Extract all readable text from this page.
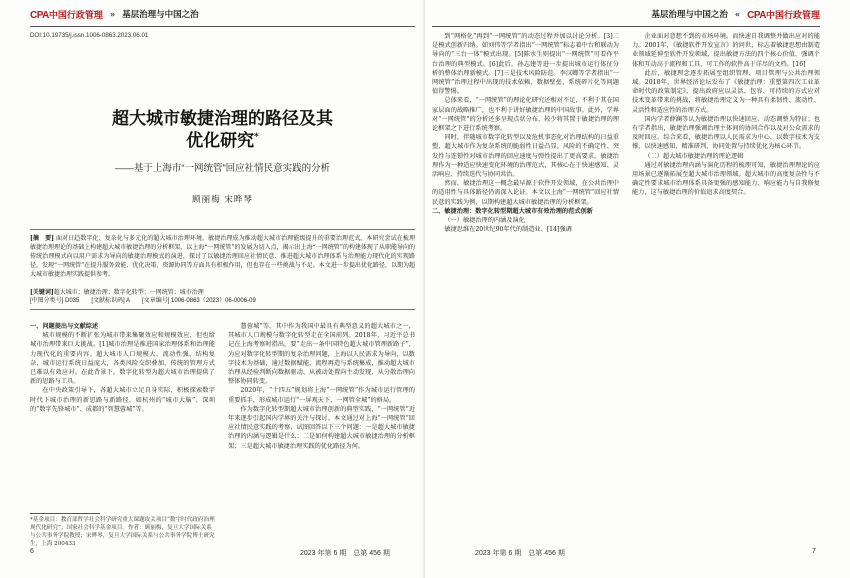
CPA中国行政管理 » 基层治理与中国之治
DOI:10.19735/j.issn.1006-0863.2023.06.01
超大城市敏捷治理的路径及其
优化研究*
——基于上海市“一网统管”回应社情民意实践的分析
顾丽梅 宋晔琴
[摘　要] 面对日趋数字化、复杂化与多元化的超大城市治理环境，敏捷治理成为推动超大城市治理能级提升的重要治理范式。本研究尝试在梳理敏捷治理理论的基础上构建超大城市敏捷治理的分析框架，以上海“一网统管”的发展为切入点，揭示出上海“一网统管”的构建体现了从职能导向的传统治理模式向以用户需求为导向的敏捷治理模式的演进，探讨了以敏捷治理回应社情民意、推进超大城市治理体系与治理能力现代化的实现路径，发现“一网统管”在提升服务效能、优化决策、资源协同等方面具有积极作用，但也存在一些挑战与不足。本文进一步提出优化路径，以期为超大城市敏捷治理实践提供参考。
[关键词]超大城市；敏捷治理；数字化转型；一网统管；城市治理
[中图分类号] D035 [文献标识码] A [文章编号] 1006-0863（2023）06-0006-09

一、问题提出与文献综述

城市规模的不断扩张为城市带来集聚效应和规模效应，但也给城市治理带来巨大挑战。[1]城市治理是推进国家治理体系和治理能力现代化的重要内容。超大城市人口规模大、流动性强、结构复杂，城市运行系统日益庞大，各类风险交织叠加，传统的管理方式已难以有效应对。在此背景下，数字化转型为超大城市治理提供了新的思路与工具。

在中央政策引导下，各超大城市立足自身实际，积极探索数字时代下城市治理的新思路与新路径，如杭州的“城市大脑”、深圳的“数字先锋城市”、成都的“智慧蓉城”等。

*基金项目：教育部哲学社会科学研究重大课题攻关项目“数字时代政府治理现代化研究”；国家社会科学基金项目。作者：顾丽梅，复旦大学国际关系与公共事务学院教授；宋晔琴，复旦大学国际关系与公共事务学院博士研究生，上海 200433

慧蓉城”等。其中作为我国中最具有典型意义的超大城市之一，其城市人口规模与数字化转型走在全国前列。2018年，习近平总书记在上海考察时指出，要“走出一条中国特色超大城市管理新路子”，为应对数字化转型期的复杂治理问题，上海以人民需求为导向，以数字技术为基础，通过数据赋能、流程再造与系统集成，推动超大城市治理从经验判断向数据驱动、从被动处置向主动发现、从分散治理向整体协同转变。

2020年，“十四五”规划将上海“一网统管”作为城市运行管理的重要抓手，形成城市运行“一屏观天下、一网管全城”的格局。

作为数字化转型期超大城市治理创新的典型实践，“一网统管”近年来逐步引起国内学界的关注与探讨。本文通过对上海“一网统管”回应社情民意实践的考察，试图回答以下三个问题：一是超大城市敏捷治理的内涵与逻辑是什么；二是如何构建超大城市敏捷治理的分析框架；三是超大城市敏捷治理实践的优化路径为何。

6	2023 年第 6 期　总第 456 期

到“网格化”再到“一网统管”的动态过程并加以讨论分析。[3]二是模式创新归纳。如刘伟等学者指出“一网统管”标志着中台和联动为导向的“三台一体”模式出现。[5]陈水生则提出“一网统管”可看作平台治理的典型模式。[6]此后，孙志建等进一步提出城市运行体征分析的整体治理新模式。[7]三是技术风险防范。李汉卿等学者指出“一网统管”治理过程中出现的技术依赖、数据壁垒、系统碎片化等问题值得警惕。

总体来看，“一网统管”的理论化研究还相对不足，不利于其在国家层面的战略推广，也不利于讲好敏捷治理的中国故事。此外，学界对“一网统管”的分析还多呈现点状分布，较少将其置于敏捷治理的理论框架之下进行系统考察。

同时，伴随城市数字化转型以及危机事态化对治理结构的日益重塑，超大城市作为复杂系统的脆弱性日益凸显。风险的不确定性、突发性与连锁性对城市治理的回应速度与弹性提出了更高要求。敏捷治理作为一种适应快速变化环境的治理范式，其核心在于快速感知、灵活响应、持续迭代与协同共治。

然而，敏捷治理这一概念最早源于软件开发领域，在公共治理中的适用性与具体路径仍需深入论证。本文以上海“一网统管”回应社情民意的实践为例，以期构建超大城市敏捷治理的分析框架。

二、敏捷治理：数字化转型期超大城市有效治理的范式创新

（一）敏捷治理的内涵及演化

敏捷思维在20世纪90年代的制造业、[14]强调

企业面对意想不到的市场环境，而快速自我调整并做出应对的能力。2001年，《敏捷软件开发宣言》的问世，标志着敏捷思想由制造业领域延伸至软件开发领域，提出敏捷方法的四个核心价值，强调个体和互动高于流程和工具、可工作的软件高于详尽的文档。[16]

此后，敏捷理念逐步拓展至组织管理、项目管理与公共治理领域。2018年，世界经济论坛发布了《敏捷治理：重塑第四次工业革命时代的政策制定》，提出政府应以灵活、包容、可持续的方式应对技术变革带来的挑战，将敏捷治理定义为一种具有柔韧性、流动性、灵活性和适应性的治理方式。

国内学者薛澜等认为敏捷治理以快速回应、动态调整为特征；也有学者指出，敏捷治理强调治理主体间的协同合作以及对公众需求的及时回应。综合来看，敏捷治理以人民需求为中心，以数字技术为支撑，以快速感知、精准研判、协同处置与持续优化为核心环节。

（二）超大城市敏捷治理的理论逻辑

通过对敏捷治理内涵与演化历程的梳理可知，敏捷治理理论的应用场景已逐渐拓展至超大城市治理领域。超大城市的高度复杂性与不确定性要求城市治理体系具备更强的感知能力、响应能力与自我修复能力，这与敏捷治理的价值追求高度契合。

基层治理与中国之治 « CPA中国行政管理
2023 年第 6 期　总第 456 期	7
